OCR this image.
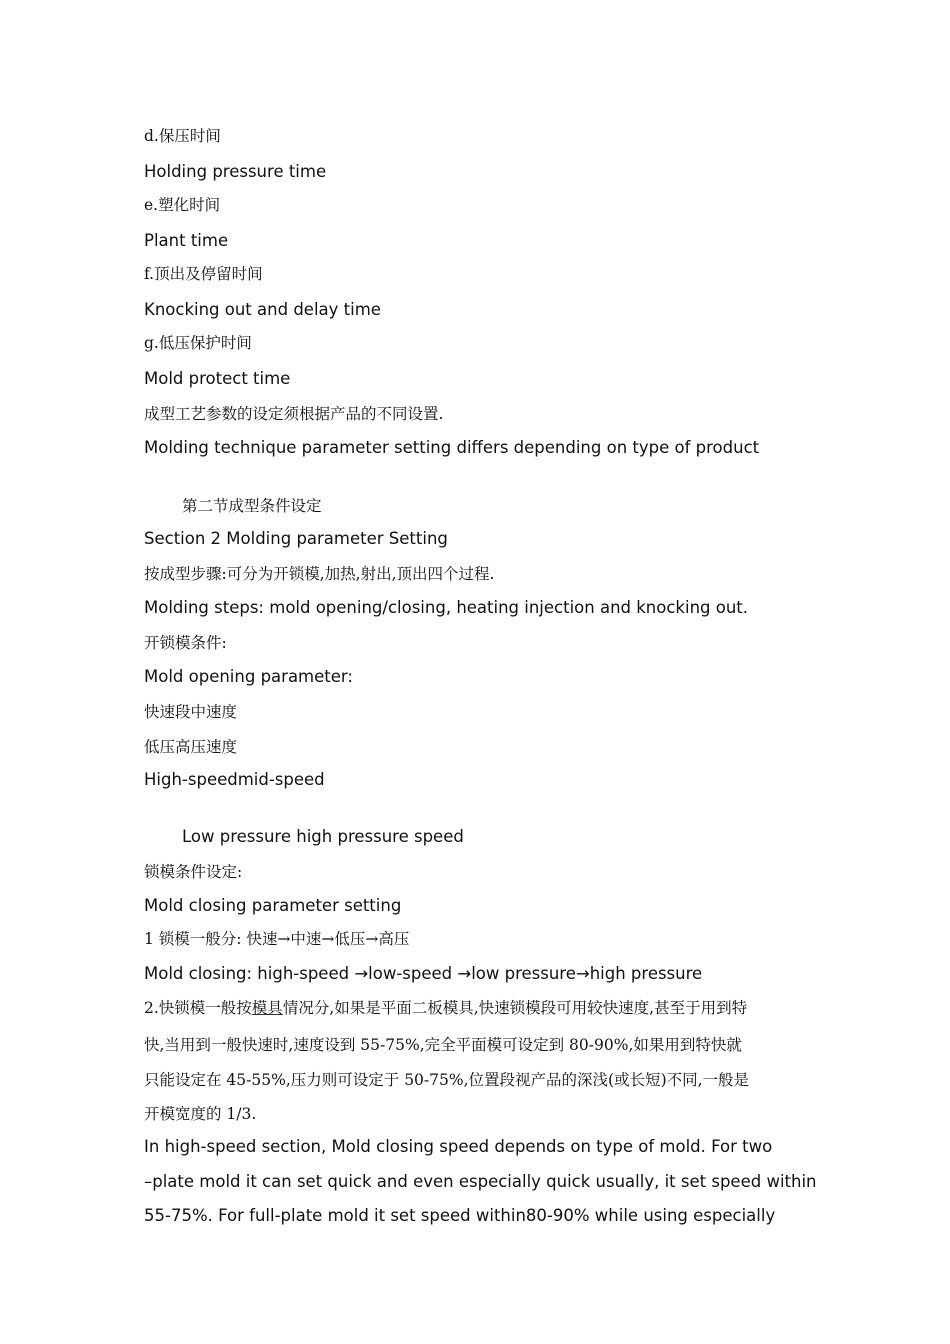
d.保压时间
Holding pressure time
e.塑化时间
Plant time
f.顶出及停留时间
Knocking out and delay time
g.低压保护时间
Mold protect time
成型工艺参数的设定须根据产品的不同设置.
Molding technique parameter setting differs depending on type of product
第二节成型条件设定
Section 2 Molding parameter Setting
按成型步骤:可分为开锁模,加热,射出,顶出四个过程.
Molding steps: mold opening/closing, heating injection and knocking out.
开锁模条件:
Mold opening parameter:
快速段中速度
低压高压速度
High-speedmid-speed
Low pressure high pressure speed
锁模条件设定:
Mold closing parameter setting
1 锁模一般分: 快速→中速→低压→高压
Mold closing: high-speed →low-speed →low pressure→high pressure
2.快锁模一般按模具情况分,如果是平面二板模具,快速锁模段可用较快速度,甚至于用到特
快,当用到一般快速时,速度设到 55-75%,完全平面模可设定到 80-90%,如果用到特快就
只能设定在 45-55%,压力则可设定于 50-75%,位置段视产品的深浅(或长短)不同,一般是
开模宽度的 1/3.
In high-speed section, Mold closing speed depends on type of mold. For two
–plate mold it can set quick and even especially quick usually, it set speed within
55-75%. For full-plate mold it set speed within80-90% while using especially
